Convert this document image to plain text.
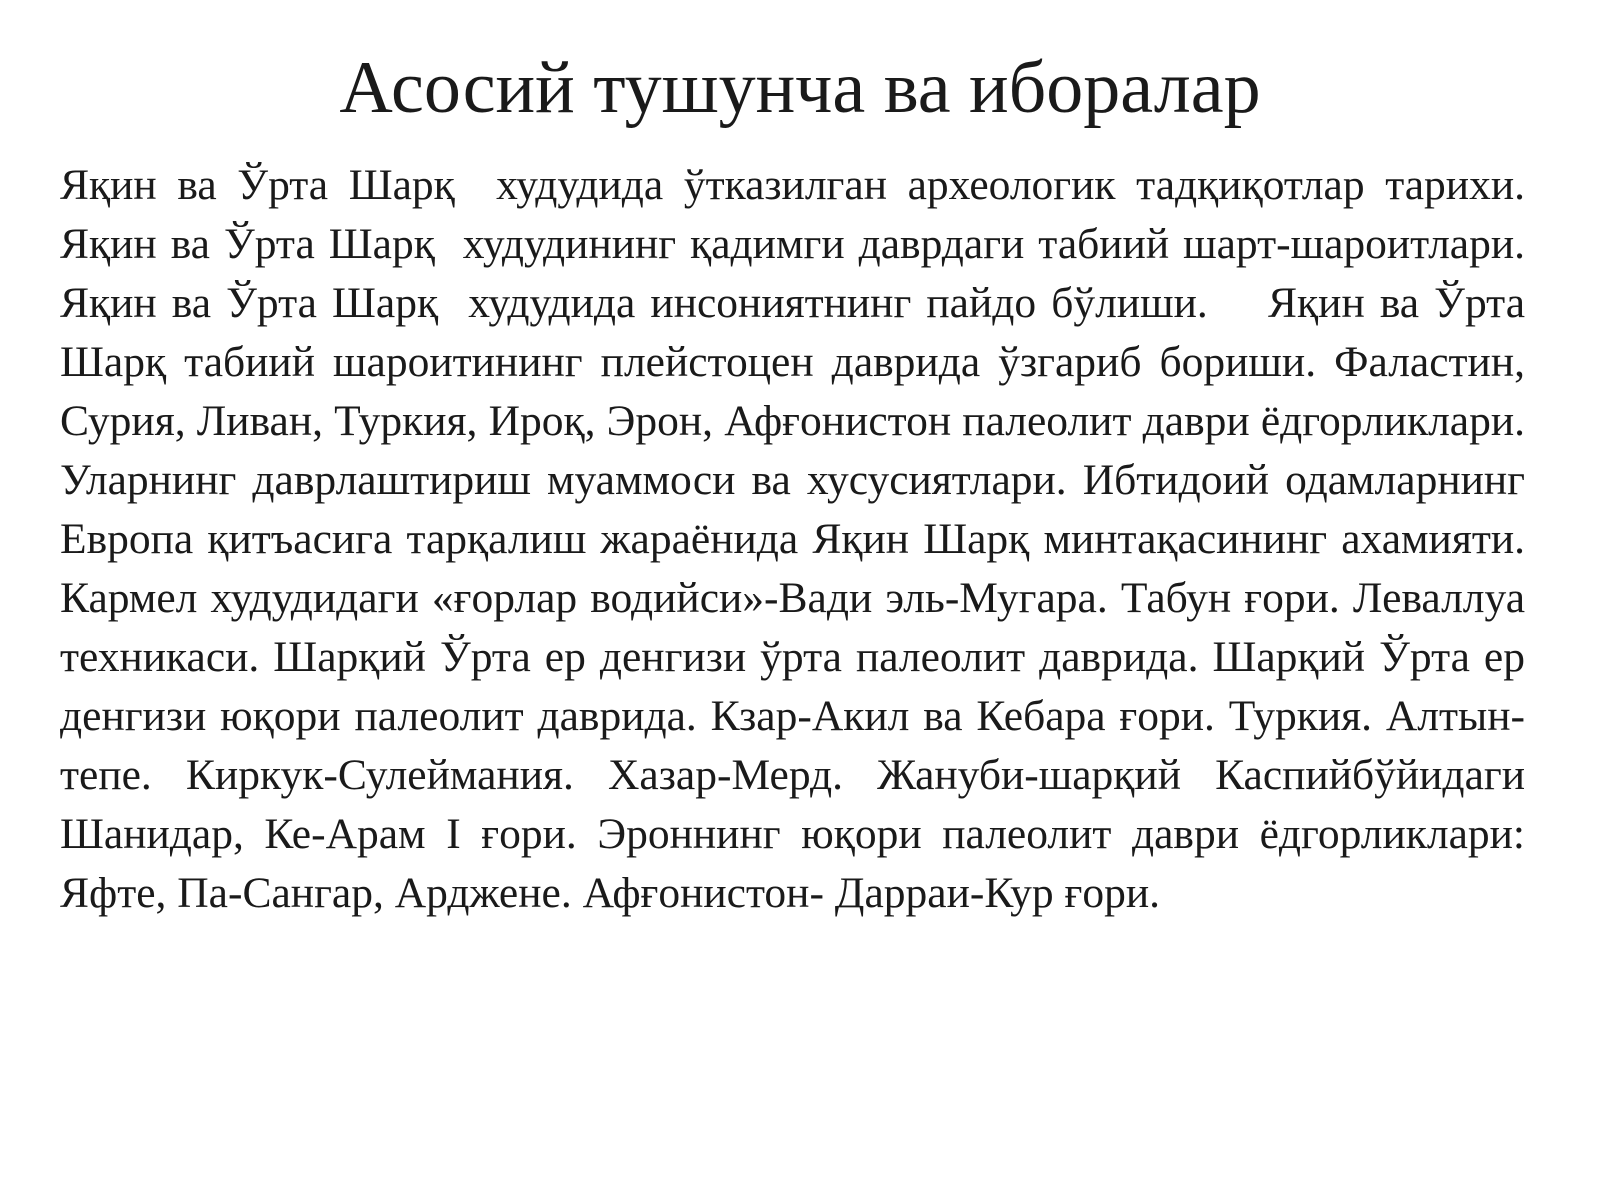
Асосий тушунча ва иборалар

Яқин ва Ўрта Шарқ  худудида ўтказилган археологик тадқиқотлар тарихи. Яқин ва Ўрта Шарқ  худудининг қадимги даврдаги табиий шарт-шароитлари. Яқин ва Ўрта Шарқ  худудида инсониятнинг пайдо бўлиши.    Яқин ва Ўрта Шарқ табиий шароитининг плейстоцен даврида ўзгариб бориши. Фаластин, Сурия, Ливан, Туркия, Ироқ, Эрон, Афғонистон палеолит даври ёдгорликлари. Уларнинг даврлаштириш муаммоси ва хусусиятлари. Ибтидоий одамларнинг Европа қитъасига тарқалиш жараёнида Яқин Шарқ минтақасининг ахамияти. Кармел худудидаги «ғорлар водийси»-Вади эль-Мугара. Табун ғори. Леваллуа техникаси. Шарқий Ўрта ер денгизи ўрта палеолит даврида. Шарқий Ўрта ер денгизи юқори палеолит даврида. Кзар-Акил ва Кебара ғори. Туркия. Алтын-тепе. Киркук-Сулеймания. Хазар-Мерд. Жануби-шарқий Каспийбўйидаги  Шанидар, Ке-Арам I ғори. Эроннинг юқори палеолит даври ёдгорликлари: Яфте, Па-Сангар, Арджене. Афғонистон- Дарраи-Кур ғори.
